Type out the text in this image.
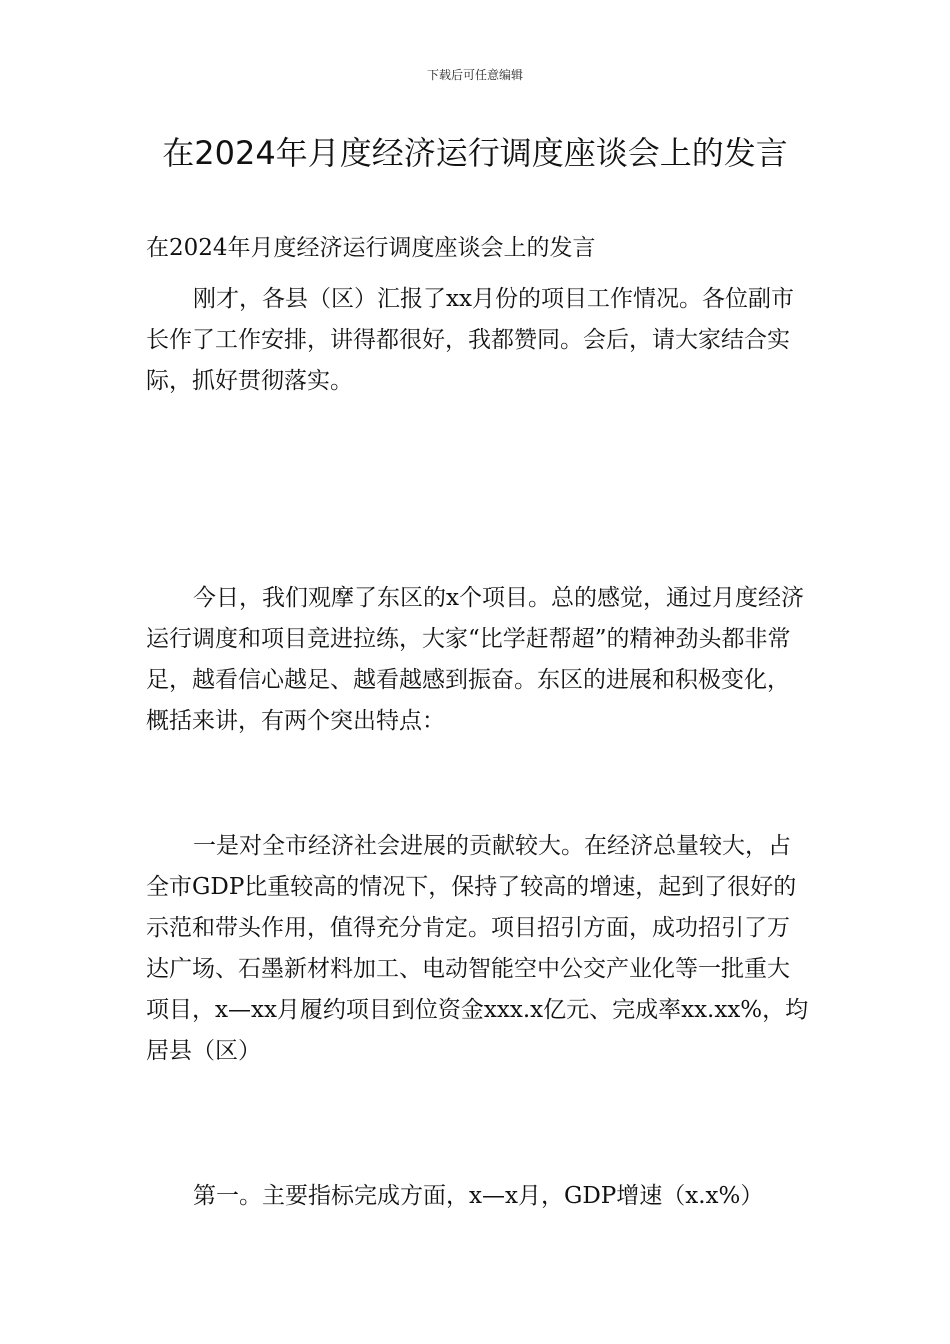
下载后可任意编辑
在2024年月度经济运行调度座谈会上的发言

在2024年月度经济运行调度座谈会上的发言

刚才，各县（区）汇报了xx月份的项目工作情况。各位副市长作了工作安排，讲得都很好，我都赞同。会后，请大家结合实际，抓好贯彻落实。

今日，我们观摩了东区的x个项目。总的感觉，通过月度经济运行调度和项目竞进拉练，大家“比学赶帮超”的精神劲头都非常足，越看信心越足、越看越感到振奋。东区的进展和积极变化，概括来讲，有两个突出特点：

一是对全市经济社会进展的贡献较大。在经济总量较大，占全市GDP比重较高的情况下，保持了较高的增速，起到了很好的示范和带头作用，值得充分肯定。项目招引方面，成功招引了万达广场、石墨新材料加工、电动智能空中公交产业化等一批重大项目，x—xx月履约项目到位资金xxx.x亿元、完成率xx.xx%，均居县（区）

第一。主要指标完成方面，x—x月，GDP增速（x.x%）
